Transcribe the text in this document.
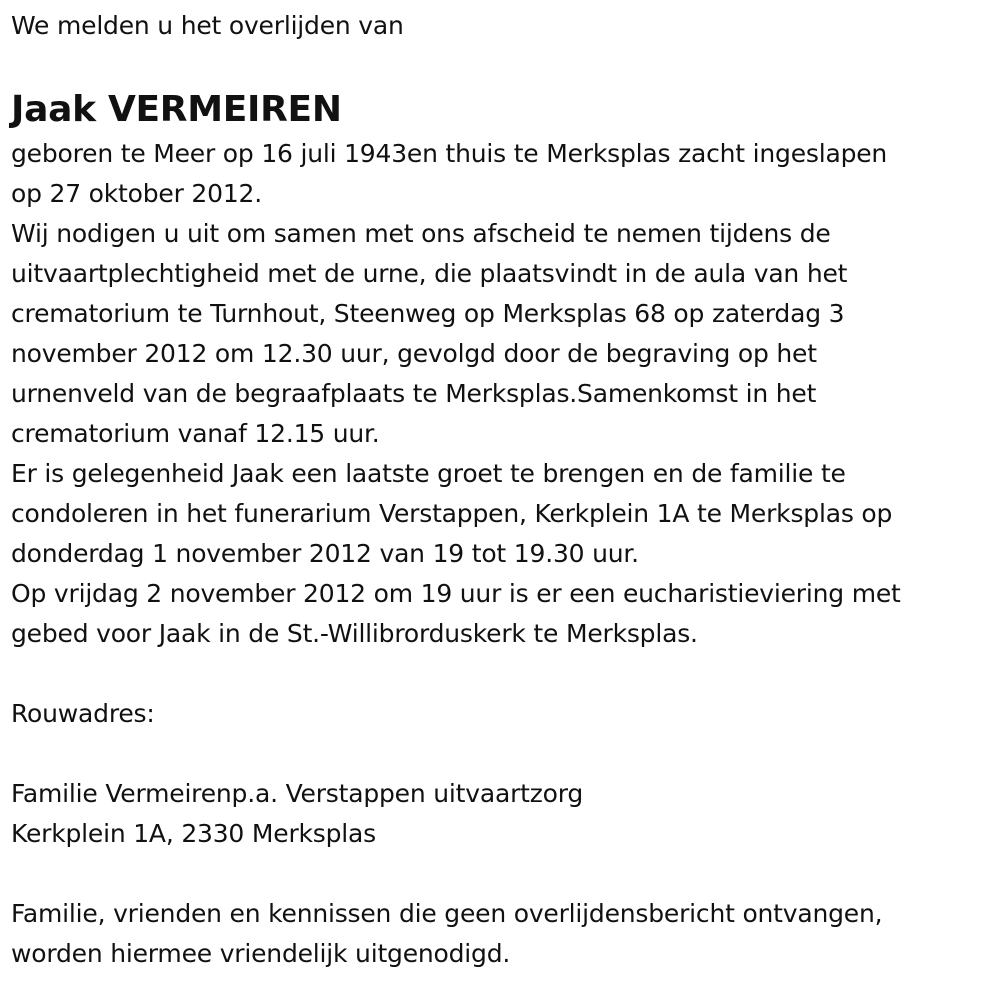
We melden u het overlijden van
Jaak VERMEIREN
geboren te Meer op 16 juli 1943en thuis te Merksplas zacht ingeslapen
op 27 oktober 2012.
Wij nodigen u uit om samen met ons afscheid te nemen tijdens de
uitvaartplechtigheid met de urne, die plaatsvindt in de aula van het
crematorium te Turnhout, Steenweg op Merksplas 68 op zaterdag 3
november 2012 om 12.30 uur, gevolgd door de begraving op het
urnenveld van de begraafplaats te Merksplas.Samenkomst in het
crematorium vanaf 12.15 uur.
Er is gelegenheid Jaak een laatste groet te brengen en de familie te
condoleren in het funerarium Verstappen, Kerkplein 1A te Merksplas op
donderdag 1 november 2012 van 19 tot 19.30 uur.
Op vrijdag 2 november 2012 om 19 uur is er een eucharistieviering met
gebed voor Jaak in de St.-Willibrorduskerk te Merksplas.
Rouwadres:
Familie Vermeirenp.a. Verstappen uitvaartzorg
Kerkplein 1A, 2330 Merksplas
Familie, vrienden en kennissen die geen overlijdensbericht ontvangen,
worden hiermee vriendelijk uitgenodigd.
